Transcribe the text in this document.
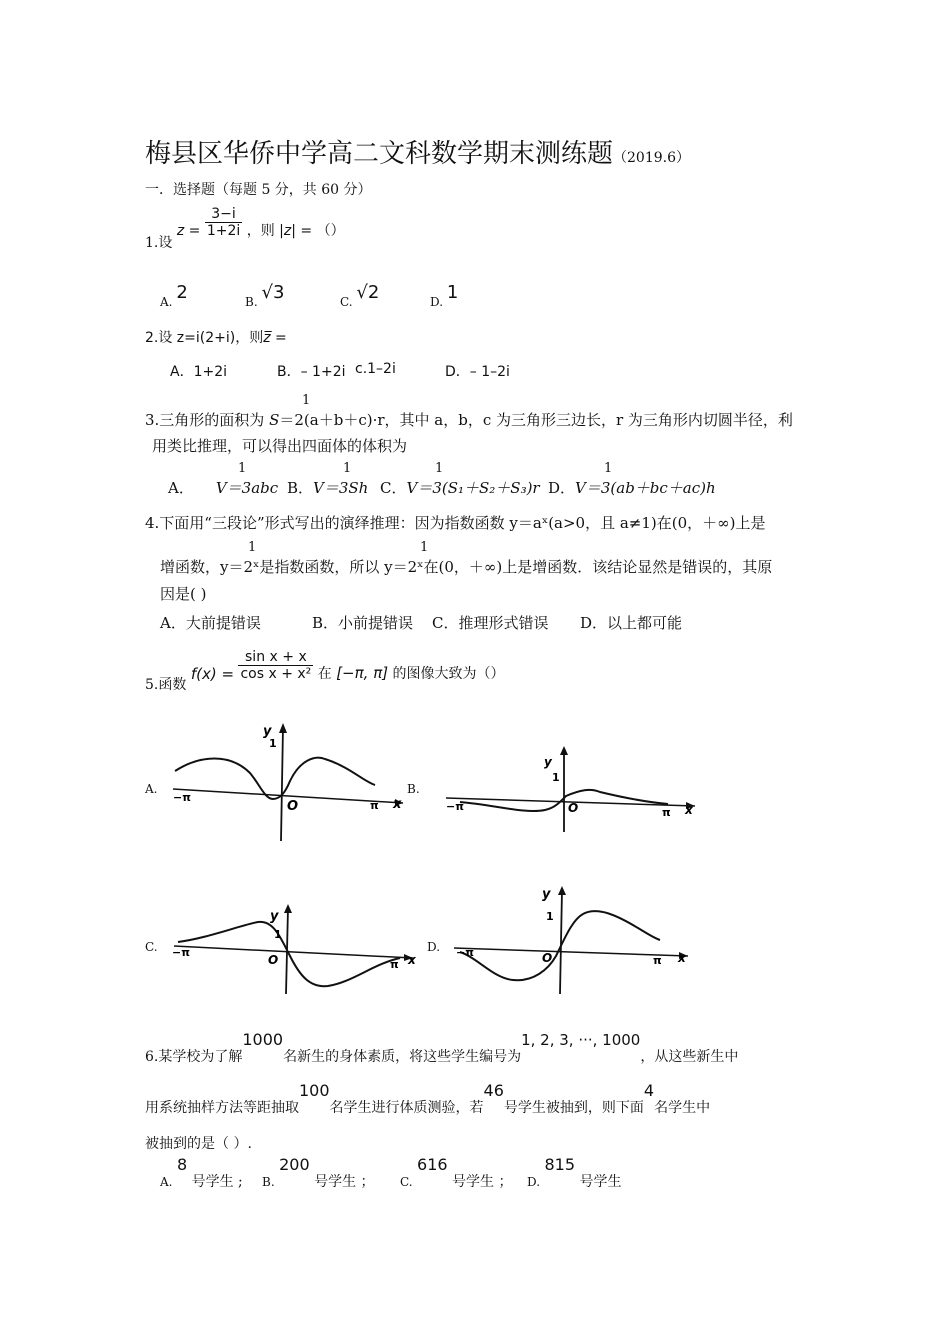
梅县区华侨中学高二文科数学期末测练题（2019.6）
一．选择题（每题 5 分，共 60 分）
1.设 $z = \frac{3-i}{1+2i}$ ，则 |z| = （）
A. 2	B. √3	C. √2	D. 1
2.设 z=i(2+i)，则z̅ =
A．1+2i	B．– 1+2i c.1–2i	D．– 1–2i
1
3.三角形的面积为 S＝2(a＋b＋c)·r，其中 a，b，c 为三角形三边长，r 为三角形内切圆半径，利
用类比推理，可以得出四面体的体积为
1	1	1	1
A． V＝3abc B．V＝3Sh C．V＝3(S₁＋S₂＋S₃)r D．V＝3(ab＋bc＋ac)h
4.下面用“三段论”形式写出的演绎推理：因为指数函数 y＝aˣ(a>0，且 a≠1)在(0，＋∞)上是
1	1
增函数，y＝2ˣ是指数函数，所以 y＝2ˣ在(0，＋∞)上是增函数．该结论显然是错误的，其原
因是( )
A．大前提错误	B．小前提错误 C．推理形式错误 D．以上都可能
5.函数 $f(x) = \frac{\text{sin x + x}}{\text{cos x + x²}}$ 在 [−π, π] 的图像大致为（）
A.
1
y
O
−π
π x
B.
1
y
O
−π	π x
C.
1
y
O
−π
π x
D.
1
y
O
−π
π x
6.某学校为了解1000名新生的身体素质，将这些学生编号为1, 2, 3, ···, 1000，从这些新生中
用系统抽样方法等距抽取100名学生进行体质测验，若46号学生被抽到，则下面4名学生中
被抽到的是（ ）.
A. 8 号学生 ; B. 200 号学生 ； C. 616 号学生 ； D. 815 号学生
